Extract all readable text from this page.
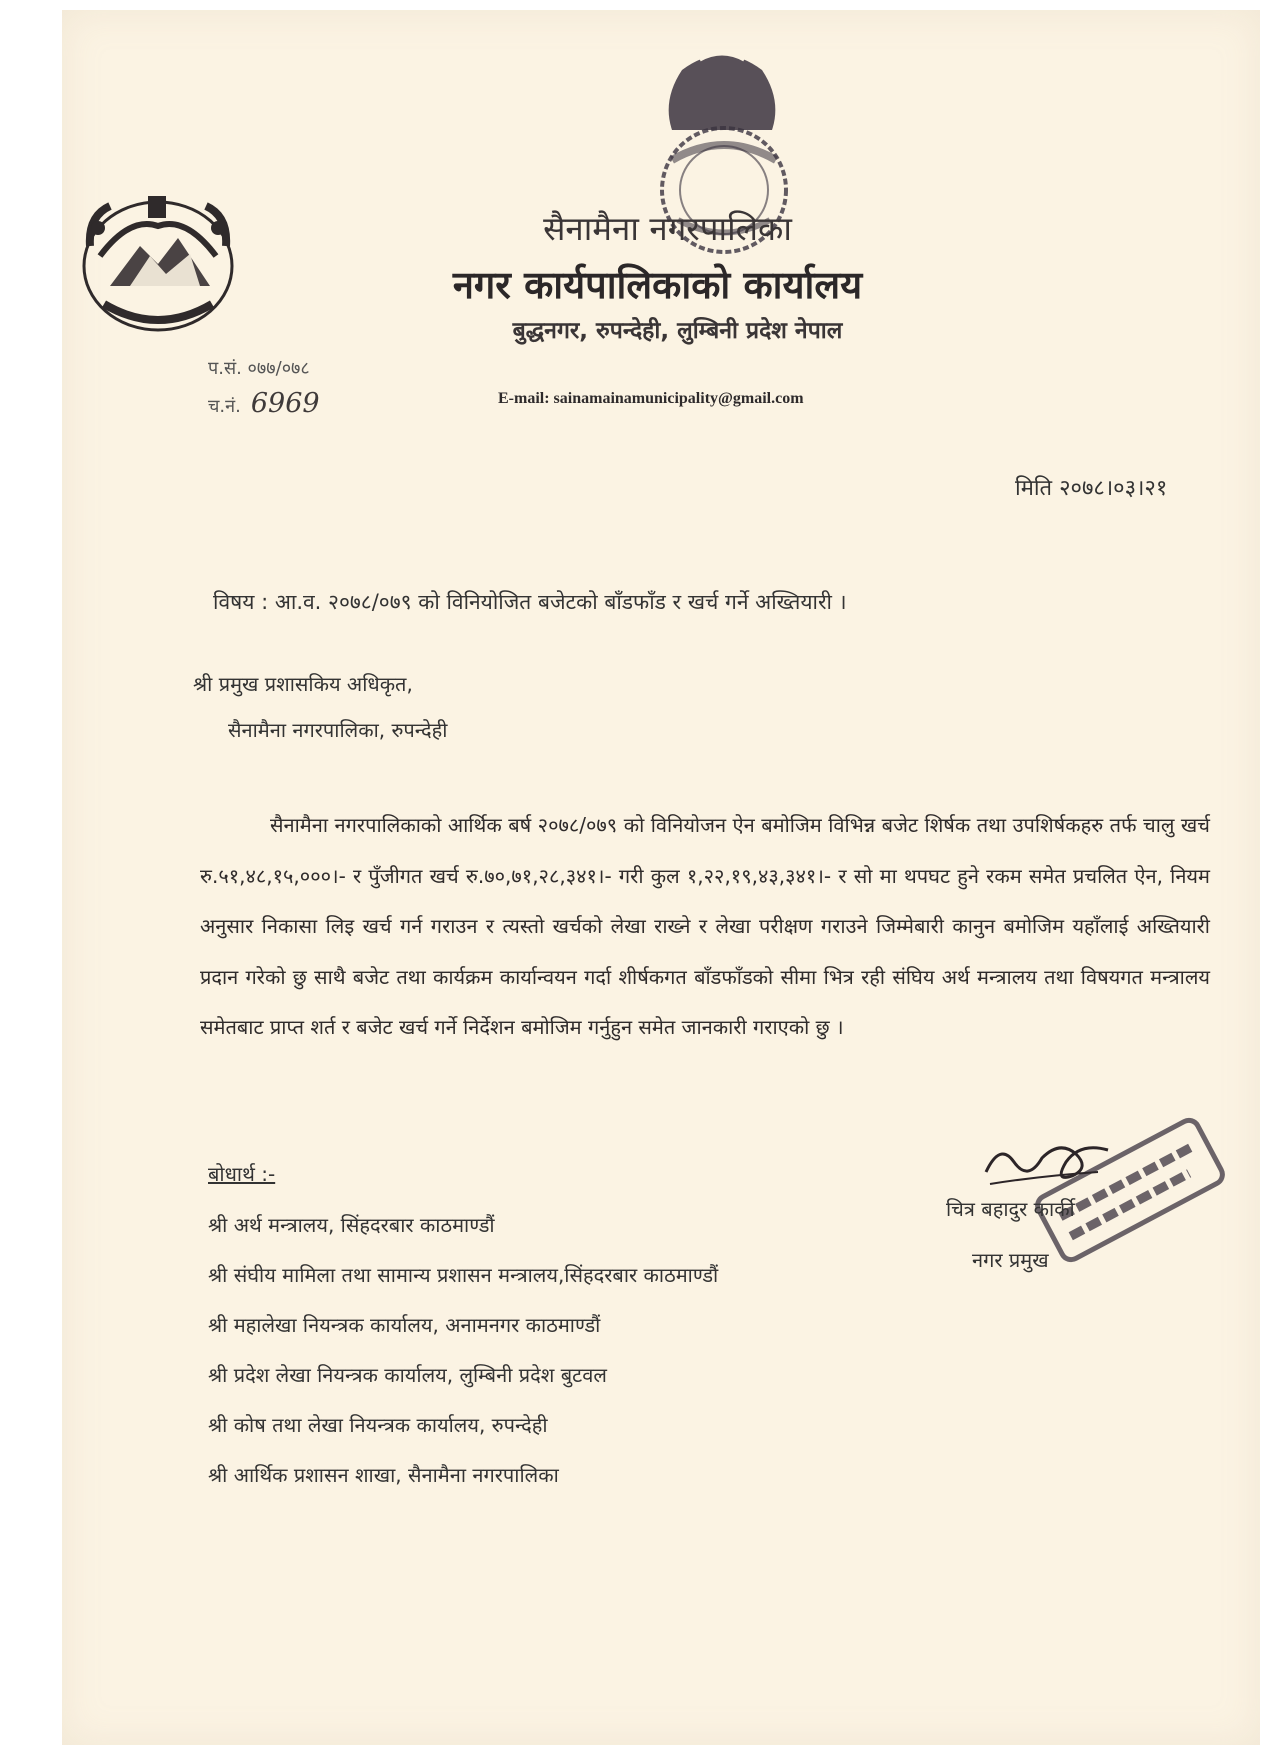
सैनामैना नगरपालिका
नगर कार्यपालिकाको कार्यालय
बुद्धनगर, रुपन्देही, लुम्बिनी प्रदेश नेपाल
प.सं. ०७७/०७८
च.नं. 6969	E-mail: sainamainamunicipality@gmail.com
मिति २०७८।०३।२१
विषय : आ.व. २०७८/०७९ को विनियोजित बजेटको बाँडफाँड र खर्च गर्ने अख्तियारी ।
श्री प्रमुख प्रशासकिय अधिकृत,
सैनामैना नगरपालिका, रुपन्देही
सैनामैना नगरपालिकाको आर्थिक बर्ष २०७८/०७९ को विनियोजन ऐन बमोजिम विभिन्न बजेट शिर्षक तथा उपशिर्षकहरु तर्फ चालु खर्च रु.५१,४८,१५,०००।- र पुँजीगत खर्च रु.७०,७१,२८,३४१।- गरी कुल १,२२,१९,४३,३४१।- र सो मा थपघट हुने रकम समेत प्रचलित ऐन, नियम अनुसार निकासा लिइ खर्च गर्न गराउन र त्यस्तो खर्चको लेखा राख्ने र लेखा परीक्षण गराउने जिम्मेबारी कानुन बमोजिम यहाँलाई अख्तियारी प्रदान गरेको छु साथै बजेट तथा कार्यक्रम कार्यान्वयन गर्दा शीर्षकगत बाँडफाँडको सीमा भित्र रही संघिय अर्थ मन्त्रालय तथा विषयगत मन्त्रालय समेतबाट प्राप्त शर्त र बजेट खर्च गर्ने निर्देशन बमोजिम गर्नुहुन समेत जानकारी गराएको छु ।
बोधार्थ :-
श्री अर्थ मन्त्रालय, सिंहदरबार काठमाण्डौं
श्री संघीय मामिला तथा सामान्य प्रशासन मन्त्रालय,सिंहदरबार काठमाण्डौं
श्री महालेखा नियन्त्रक कार्यालय, अनामनगर काठमाण्डौं
श्री प्रदेश लेखा नियन्त्रक कार्यालय, लुम्बिनी प्रदेश बुटवल
श्री कोष तथा लेखा नियन्त्रक कार्यालय, रुपन्देही
श्री आर्थिक प्रशासन शाखा, सैनामैना नगरपालिका
चित्र बहादुर कार्की
नगर प्रमुख
